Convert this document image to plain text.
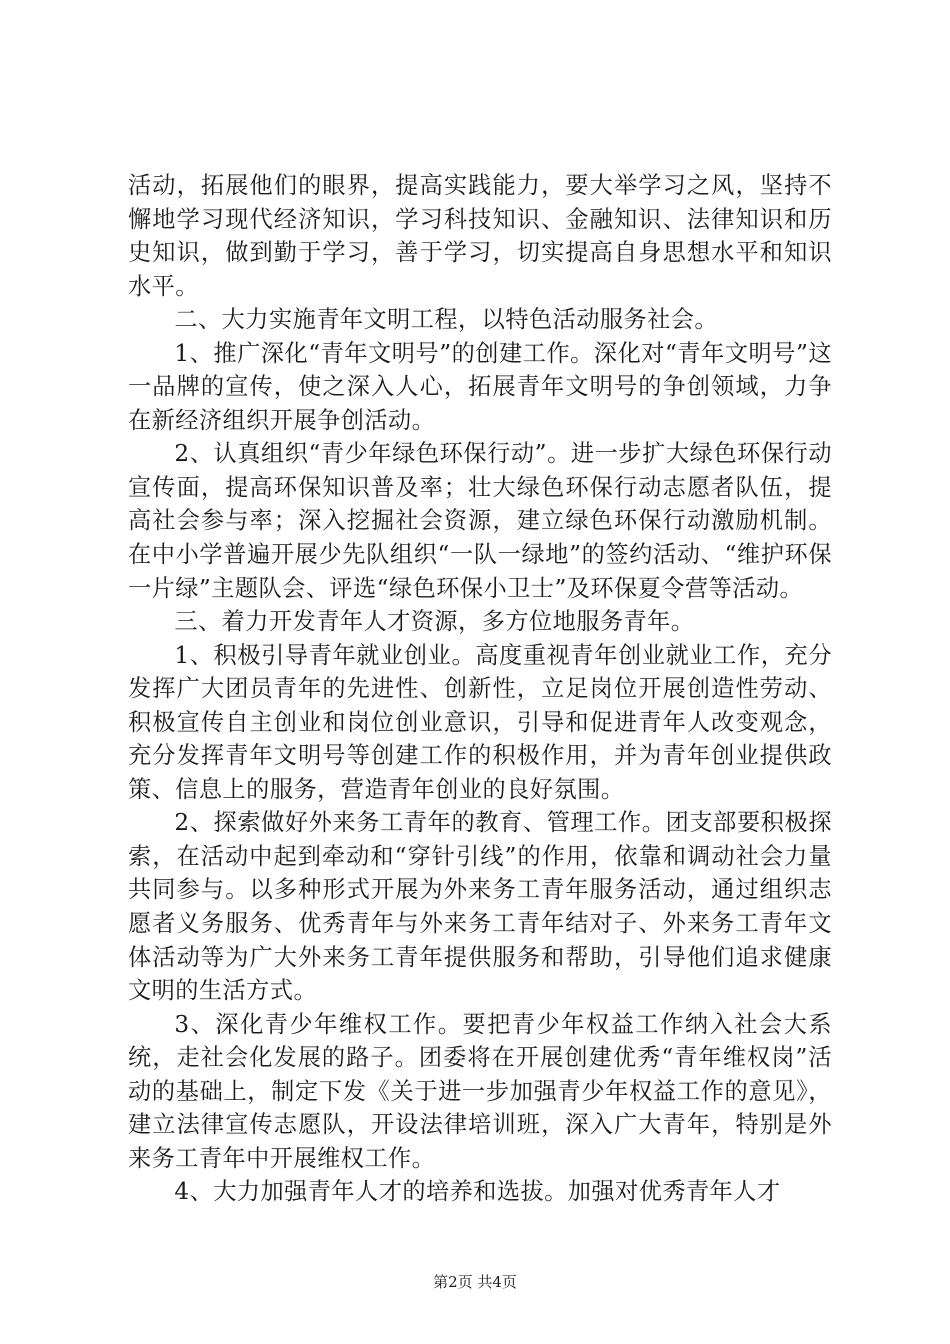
活动，拓展他们的眼界，提高实践能力，要大举学习之风，坚持不懈地学习现代经济知识，学习科技知识、金融知识、法律知识和历史知识，做到勤于学习，善于学习，切实提高自身思想水平和知识水平。

二、大力实施青年文明工程，以特色活动服务社会。

1、推广深化“青年文明号”的创建工作。深化对“青年文明号”这一品牌的宣传，使之深入人心，拓展青年文明号的争创领域，力争在新经济组织开展争创活动。

2、认真组织“青少年绿色环保行动”。进一步扩大绿色环保行动宣传面，提高环保知识普及率；壮大绿色环保行动志愿者队伍，提高社会参与率；深入挖掘社会资源，建立绿色环保行动激励机制。在中小学普遍开展少先队组织“一队一绿地”的签约活动、“维护环保一片绿”主题队会、评选“绿色环保小卫士”及环保夏令营等活动。

三、着力开发青年人才资源，多方位地服务青年。

1、积极引导青年就业创业。高度重视青年创业就业工作，充分发挥广大团员青年的先进性、创新性，立足岗位开展创造性劳动、积极宣传自主创业和岗位创业意识，引导和促进青年人改变观念，充分发挥青年文明号等创建工作的积极作用，并为青年创业提供政策、信息上的服务，营造青年创业的良好氛围。

2、探索做好外来务工青年的教育、管理工作。团支部要积极探索，在活动中起到牵动和“穿针引线”的作用，依靠和调动社会力量共同参与。以多种形式开展为外来务工青年服务活动，通过组织志愿者义务服务、优秀青年与外来务工青年结对子、外来务工青年文体活动等为广大外来务工青年提供服务和帮助，引导他们追求健康文明的生活方式。

3、深化青少年维权工作。要把青少年权益工作纳入社会大系统，走社会化发展的路子。团委将在开展创建优秀“青年维权岗”活动的基础上，制定下发《关于进一步加强青少年权益工作的意见》，建立法律宣传志愿队，开设法律培训班，深入广大青年，特别是外来务工青年中开展维权工作。

4、大力加强青年人才的培养和选拔。加强对优秀青年人才

第2页 共4页
